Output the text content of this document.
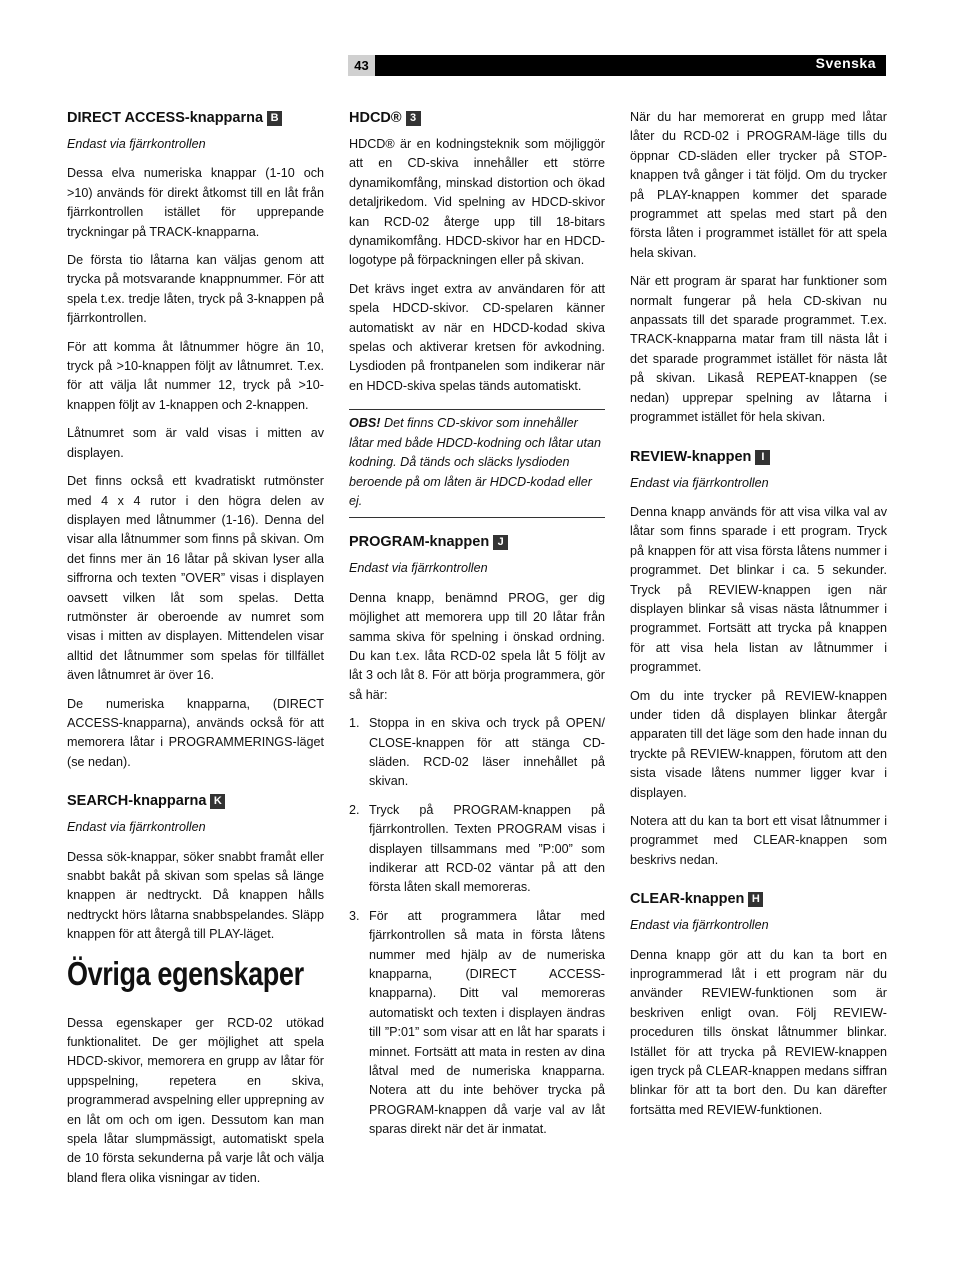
Svenska
43
DIRECT ACCESS-knapparna B

Endast via fjärrkontrollen

Dessa elva numeriska knappar (1-10 och >10) används för direkt åtkomst till en låt från fjärrkontrollen istället för upprepande tryckningar på TRACK-knapparna.

De första tio låtarna kan väljas genom att trycka på motsvarande knappnummer. För att spela t.ex. tredje låten, tryck på 3-knappen på fjärrkontrollen.

För att komma åt låtnummer högre än 10, tryck på >10-knappen följt av låtnumret. T.ex. för att välja låt nummer 12, tryck på >10-knappen följt av 1-knappen och 2-knappen.

Låtnumret som är vald visas i mitten av displayen.

Det finns också ett kvadratiskt rutmönster med 4 x 4 rutor i den högra delen av displayen med låtnummer (1-16). Denna del visar alla låtnummer som finns på skivan. Om det finns mer än 16 låtar på skivan lyser alla siffrorna och texten ”OVER” visas i displayen oavsett vilken låt som spelas. Detta rutmönster är oberoende av numret som visas i mitten av displayen. Mittendelen visar alltid det låtnummer som spelas för tillfället även låtnumret är över 16.

De numeriska knapparna, (DIRECT ACCESS-knapparna), används också för att memorera låtar i PROGRAMMERINGS-läget (se nedan).

SEARCH-knapparna K

Endast via fjärrkontrollen

Dessa sök-knappar, söker snabbt framåt eller snabbt bakåt på skivan som spelas så länge knappen är nedtryckt. Då knappen hålls nedtryckt hörs låtarna snabbspelandes. Släpp knappen för att återgå till PLAY-läget.

Övriga egenskaper

Dessa egenskaper ger RCD-02 utökad funktionalitet. De ger möjlighet att spela HDCD-skivor, memorera en grupp av låtar för uppspelning, repetera en skiva, programmerad avspelning eller upprepning av en låt om och om igen. Dessutom kan man spela låtar slumpmässigt, automatiskt spela de 10 första sekunderna på varje låt och välja bland flera olika visningar av tiden.

HDCD® 3

HDCD® är en kodningsteknik som möjliggör att en CD-skiva innehåller ett större dynamikomfång, minskad distortion och ökad detaljrikedom. Vid spelning av HDCD-skivor kan RCD-02 återge upp till 18-bitars dynamikomfång. HDCD-skivor har en HDCD-logotype på förpackningen eller på skivan.

Det krävs inget extra av användaren för att spela HDCD-skivor. CD-spelaren känner automatiskt av när en HDCD-kodad skiva spelas och aktiverar kretsen för avkodning. Lysdioden på frontpanelen som indikerar när en HDCD-skiva spelas tänds automatiskt.

OBS! Det finns CD-skivor som innehåller låtar med både HDCD-kodning och låtar utan kodning. Då tänds och släcks lysdioden beroende på om låten är HDCD-kodad eller ej.
PROGRAM-knappen J

Endast via fjärrkontrollen

Denna knapp, benämnd PROG, ger dig möjlighet att memorera upp till 20 låtar från samma skiva för spelning i önskad ordning. Du kan t.ex. låta RCD-02 spela låt 5 följt av låt 3 och låt 8. För att börja programmera, gör så här:

1. Stoppa in en skiva och tryck på OPEN/ CLOSE-knappen för att stänga CD-släden. RCD-02 läser innehållet på skivan.
2. Tryck på PROGRAM-knappen på fjärrkontrollen. Texten PROGRAM visas i displayen tillsammans med ”P:00” som indikerar att RCD-02 väntar på att den första låten skall memoreras.
3. För att programmera låtar med fjärrkontrollen så mata in första låtens nummer med hjälp av de numeriska knapparna, (DIRECT ACCESS-knapparna). Ditt val memoreras automatiskt och texten i displayen ändras till ”P:01” som visar att en låt har sparats i minnet. Fortsätt att mata in resten av dina låtval med de numeriska knapparna. Notera att du inte behöver trycka på PROGRAM-knappen då varje val av låt sparas direkt när det är inmatat.

När du har memorerat en grupp med låtar låter du RCD-02 i PROGRAM-läge tills du öppnar CD-släden eller trycker på STOP-knappen två gånger i tät följd. Om du trycker på PLAY-knappen kommer det sparade programmet att spelas med start på den första låten i programmet istället för att spela hela skivan.

När ett program är sparat har funktioner som normalt fungerar på hela CD-skivan nu anpassats till det sparade programmet. T.ex. TRACK-knapparna matar fram till nästa låt i det sparade programmet istället för nästa låt på skivan. Likaså REPEAT-knappen (se nedan) upprepar spelning av låtarna i programmet istället för hela skivan.

REVIEW-knappen I

Endast via fjärrkontrollen

Denna knapp används för att visa vilka val av låtar som finns sparade i ett program. Tryck på knappen för att visa första låtens nummer i programmet. Det blinkar i ca. 5 sekunder. Tryck på REVIEW-knappen igen när displayen blinkar så visas nästa låtnummer i programmet. Fortsätt att trycka på knappen för att visa hela listan av låtnummer i programmet.

Om du inte trycker på REVIEW-knappen under tiden då displayen blinkar återgår apparaten till det läge som den hade innan du tryckte på REVIEW-knappen, förutom att den sista visade låtens nummer ligger kvar i displayen.

Notera att du kan ta bort ett visat låtnummer i programmet med CLEAR-knappen som beskrivs nedan.

CLEAR-knappen H

Endast via fjärrkontrollen

Denna knapp gör att du kan ta bort en inprogrammerad låt i ett program när du använder REVIEW-funktionen som är beskriven enligt ovan. Följ REVIEW-proceduren tills önskat låtnummer blinkar. Istället för att trycka på REVIEW-knappen igen tryck på CLEAR-knappen medans siffran blinkar för att ta bort den. Du kan därefter fortsätta med REVIEW-funktionen.
